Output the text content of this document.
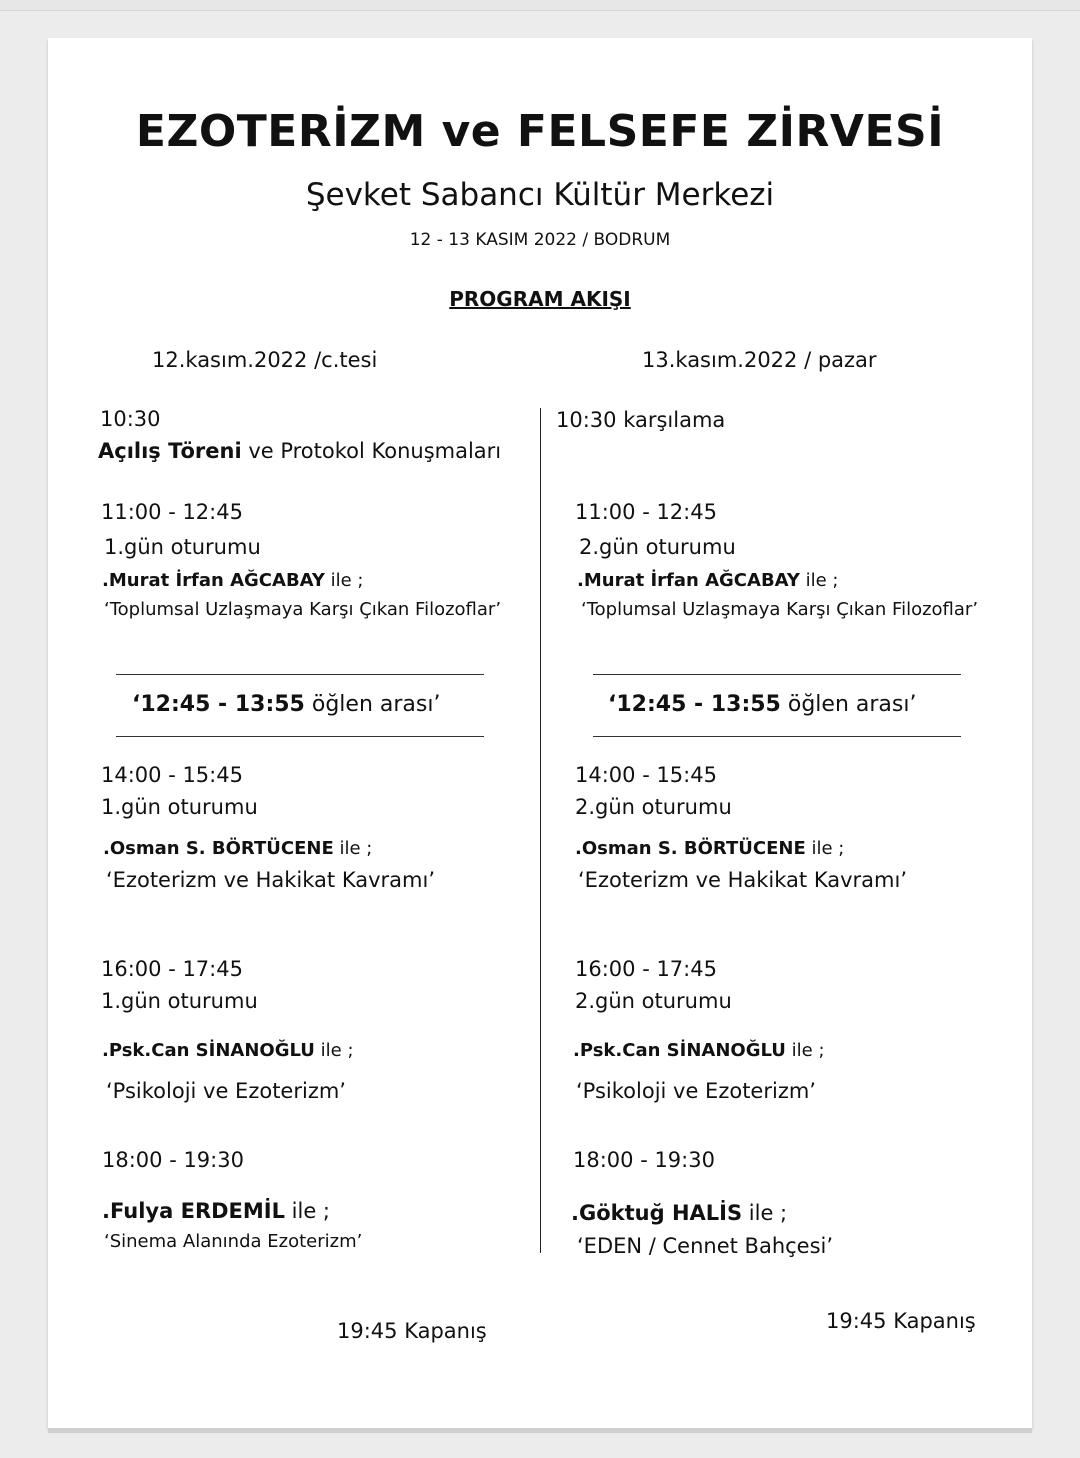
EZOTERİZM ve FELSEFE ZİRVESİ
Şevket Sabancı Kültür Merkezi
12 - 13 KASIM 2022 / BODRUM
PROGRAM AKIŞI
12.kasım.2022 /c.tesi
10:30
Açılış Töreni ve Protokol Konuşmaları
11:00 - 12:45
1.gün oturumu
.Murat İrfan AĞCABAY ile ;
‘Toplumsal Uzlaşmaya Karşı Çıkan Filozoflar’
‘12:45 - 13:55 öğlen arası’
14:00 - 15:45
1.gün oturumu
.Osman S. BÖRTÜCENE ile ;
‘Ezoterizm ve Hakikat Kavramı’
16:00 - 17:45
1.gün oturumu
.Psk.Can SİNANOĞLU ile ;
‘Psikoloji ve Ezoterizm’
18:00 - 19:30
.Fulya ERDEMİL ile ;
‘Sinema Alanında Ezoterizm’
19:45 Kapanış
13.kasım.2022 / pazar
10:30 karşılama
11:00 - 12:45
2.gün oturumu
.Murat İrfan AĞCABAY ile ;
‘Toplumsal Uzlaşmaya Karşı Çıkan Filozoflar’
‘12:45 - 13:55 öğlen arası’
14:00 - 15:45
2.gün oturumu
.Osman S. BÖRTÜCENE ile ;
‘Ezoterizm ve Hakikat Kavramı’
16:00 - 17:45
2.gün oturumu
.Psk.Can SİNANOĞLU ile ;
‘Psikoloji ve Ezoterizm’
18:00 - 19:30
.Göktuğ HALİS ile ;
‘EDEN / Cennet Bahçesi’
19:45 Kapanış
